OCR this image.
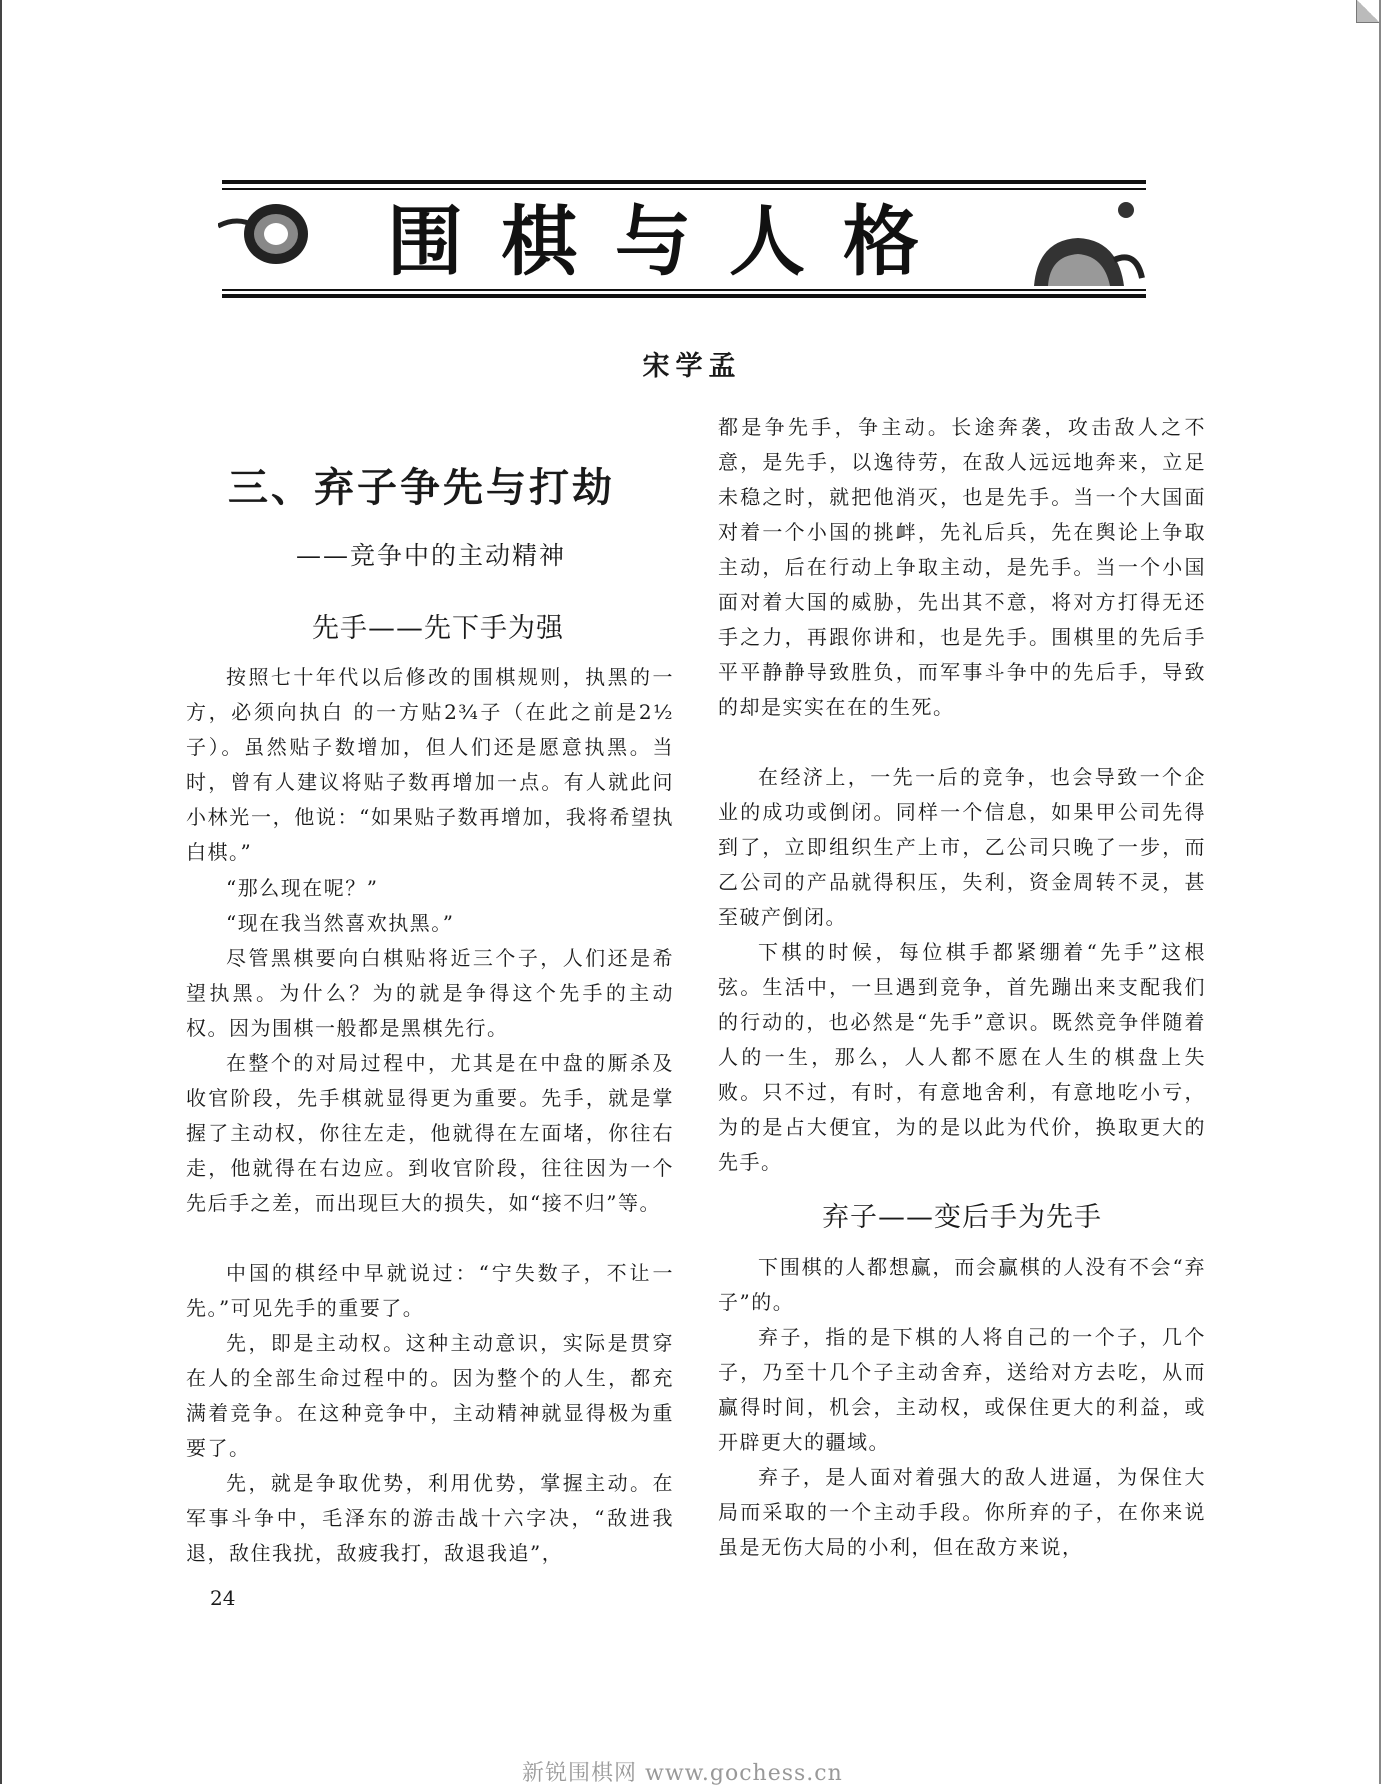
围棋与人格
宋学孟
三、弃子争先与打劫
——竞争中的主动精神
先手——先下手为强

按照七十年代以后修改的围棋规则，执黑的一方，必须向执白 的一方贴2¾子（在此之前是2½子）。虽然贴子数增加，但人们还是愿意执黑。当时，曾有人建议将贴子数再增加一点。有人就此问小林光一，他说：“如果贴子数再增加，我将希望执白棋。”

“那么现在呢？”

“现在我当然喜欢执黑。”

尽管黑棋要向白棋贴将近三个子，人们还是希望执黑。为什么？为的就是争得这个先手的主动权。因为围棋一般都是黑棋先行。

在整个的对局过程中，尤其是在中盘的厮杀及收官阶段，先手棋就显得更为重要。先手，就是掌握了主动权，你往左走，他就得在左面堵，你往右走，他就得在右边应。到收官阶段，往往因为一个先后手之差，而出现巨大的损失，如“接不归”等。

中国的棋经中早就说过：“宁失数子，不让一先。”可见先手的重要了。

先，即是主动权。这种主动意识，实际是贯穿在人的全部生命过程中的。因为整个的人生，都充满着竞争。在这种竞争中，主动精神就显得极为重要了。

先，就是争取优势，利用优势，掌握主动。在军事斗争中，毛泽东的游击战十六字决，“敌进我退，敌住我扰，敌疲我打，敌退我追”，

都是争先手，争主动。长途奔袭，攻击敌人之不意，是先手，以逸待劳，在敌人远远地奔来，立足未稳之时，就把他消灭，也是先手。当一个大国面对着一个小国的挑衅，先礼后兵，先在舆论上争取主动，后在行动上争取主动，是先手。当一个小国面对着大国的威胁，先出其不意，将对方打得无还手之力，再跟你讲和，也是先手。围棋里的先后手平平静静导致胜负，而军事斗争中的先后手，导致的却是实实在在的生死。

在经济上，一先一后的竞争，也会导致一个企业的成功或倒闭。同样一个信息，如果甲公司先得到了，立即组织生产上市，乙公司只晚了一步，而乙公司的产品就得积压，失利，资金周转不灵，甚至破产倒闭。

下棋的时候，每位棋手都紧绷着“先手”这根弦。生活中，一旦遇到竞争，首先蹦出来支配我们的行动的，也必然是“先手”意识。既然竞争伴随着人的一生，那么，人人都不愿在人生的棋盘上失败。只不过，有时，有意地舍利，有意地吃小亏，为的是占大便宜，为的是以此为代价，换取更大的先手。

弃子——变后手为先手

下围棋的人都想赢，而会赢棋的人没有不会“弃子”的。

弃子，指的是下棋的人将自己的一个子，几个子，乃至十几个子主动舍弃，送给对方去吃，从而赢得时间，机会，主动权，或保住更大的利益，或开辟更大的疆域。

弃子，是人面对着强大的敌人进逼，为保住大局而采取的一个主动手段。你所弃的子，在你来说虽是无伤大局的小利，但在敌方来说，

24
新锐围棋网 www.gochess.cn
